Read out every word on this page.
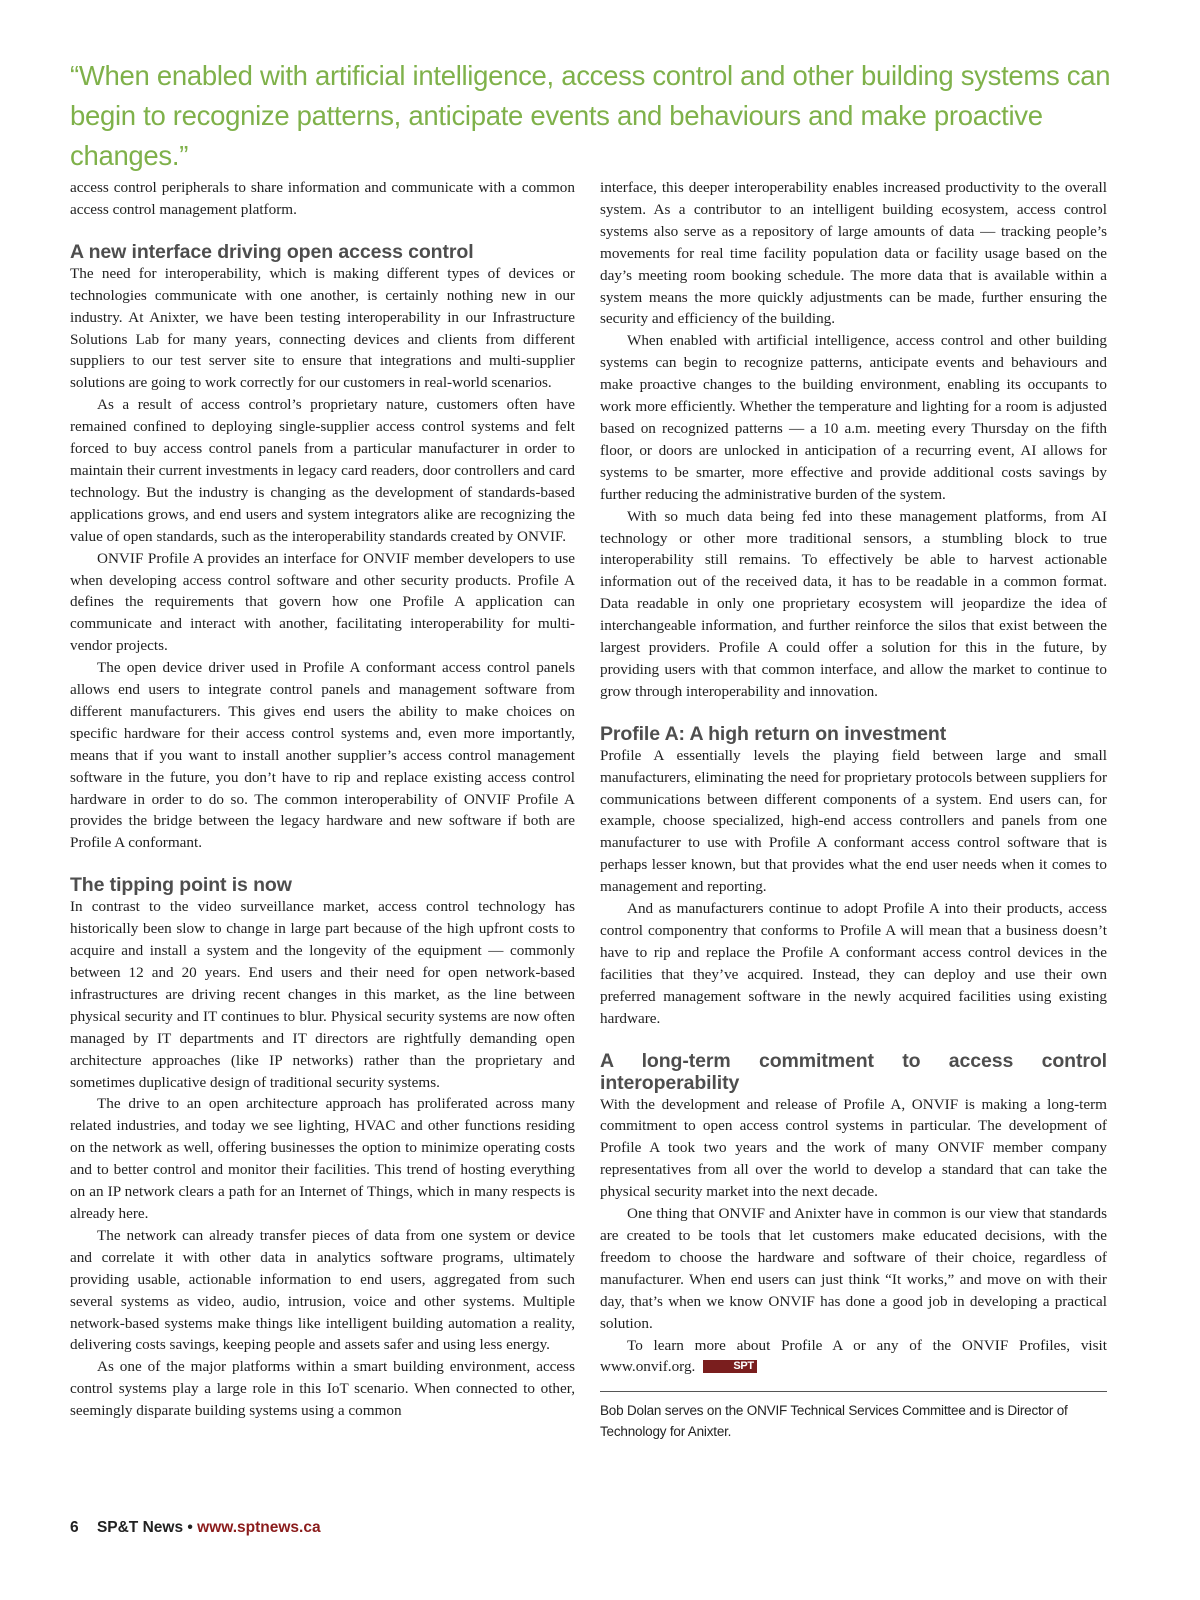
“When enabled with artificial intelligence, access control and other building systems can begin to recognize patterns, anticipate events and behaviours and make proactive changes.”

access control peripherals to share information and communicate with a common access control management platform.

A new interface driving open access control

The need for interoperability, which is making different types of devices or technologies communicate with one another, is certainly nothing new in our industry. At Anixter, we have been testing interoperability in our Infrastructure Solutions Lab for many years, connecting devices and clients from different suppliers to our test server site to ensure that integrations and multi-supplier solutions are going to work correctly for our customers in real-world scenarios.

As a result of access control’s proprietary nature, customers often have remained confined to deploying single-supplier access control systems and felt forced to buy access control panels from a particular manufacturer in order to maintain their current investments in legacy card readers, door controllers and card technology. But the industry is changing as the development of standards-based applications grows, and end users and system integrators alike are recognizing the value of open standards, such as the interoperability standards created by ONVIF.

ONVIF Profile A provides an interface for ONVIF member developers to use when developing access control software and other security products. Profile A defines the requirements that govern how one Profile A application can communicate and interact with another, facilitating interoperability for multi-vendor projects.

The open device driver used in Profile A conformant access control panels allows end users to integrate control panels and management software from different manufacturers. This gives end users the ability to make choices on specific hardware for their access control systems and, even more importantly, means that if you want to install another supplier’s access control management software in the future, you don’t have to rip and replace existing access control hardware in order to do so. The common interoperability of ONVIF Profile A provides the bridge between the legacy hardware and new software if both are Profile A conformant.

The tipping point is now

In contrast to the video surveillance market, access control technology has historically been slow to change in large part because of the high upfront costs to acquire and install a system and the longevity of the equipment — commonly between 12 and 20 years. End users and their need for open network-based infrastructures are driving recent changes in this market, as the line between physical security and IT continues to blur. Physical security systems are now often managed by IT departments and IT directors are rightfully demanding open architecture approaches (like IP networks) rather than the proprietary and sometimes duplicative design of traditional security systems.

The drive to an open architecture approach has proliferated across many related industries, and today we see lighting, HVAC and other functions residing on the network as well, offering businesses the option to minimize operating costs and to better control and monitor their facilities. This trend of hosting everything on an IP network clears a path for an Internet of Things, which in many respects is already here.

The network can already transfer pieces of data from one system or device and correlate it with other data in analytics software programs, ultimately providing usable, actionable information to end users, aggregated from such several systems as video, audio, intrusion, voice and other systems. Multiple network-based systems make things like intelligent building automation a reality, delivering costs savings, keeping people and assets safer and using less energy.

As one of the major platforms within a smart building environment, access control systems play a large role in this IoT scenario. When connected to other, seemingly disparate building systems using a common

interface, this deeper interoperability enables increased productivity to the overall system. As a contributor to an intelligent building ecosystem, access control systems also serve as a repository of large amounts of data — tracking people’s movements for real time facility population data or facility usage based on the day’s meeting room booking schedule. The more data that is available within a system means the more quickly adjustments can be made, further ensuring the security and efficiency of the building.

When enabled with artificial intelligence, access control and other building systems can begin to recognize patterns, anticipate events and behaviours and make proactive changes to the building environment, enabling its occupants to work more efficiently. Whether the temperature and lighting for a room is adjusted based on recognized patterns — a 10 a.m. meeting every Thursday on the fifth floor, or doors are unlocked in anticipation of a recurring event, AI allows for systems to be smarter, more effective and provide additional costs savings by further reducing the administrative burden of the system.

With so much data being fed into these management platforms, from AI technology or other more traditional sensors, a stumbling block to true interoperability still remains. To effectively be able to harvest actionable information out of the received data, it has to be readable in a common format. Data readable in only one proprietary ecosystem will jeopardize the idea of interchangeable information, and further reinforce the silos that exist between the largest providers. Profile A could offer a solution for this in the future, by providing users with that common interface, and allow the market to continue to grow through interoperability and innovation.

Profile A: A high return on investment

Profile A essentially levels the playing field between large and small manufacturers, eliminating the need for proprietary protocols between suppliers for communications between different components of a system. End users can, for example, choose specialized, high-end access controllers and panels from one manufacturer to use with Profile A conformant access control software that is perhaps lesser known, but that provides what the end user needs when it comes to management and reporting.

And as manufacturers continue to adopt Profile A into their products, access control componentry that conforms to Profile A will mean that a business doesn’t have to rip and replace the Profile A conformant access control devices in the facilities that they’ve acquired. Instead, they can deploy and use their own preferred management software in the newly acquired facilities using existing hardware.

A long-term commitment to access control interoperability

With the development and release of Profile A, ONVIF is making a long-term commitment to open access control systems in particular. The development of Profile A took two years and the work of many ONVIF member company representatives from all over the world to develop a standard that can take the physical security market into the next decade.

One thing that ONVIF and Anixter have in common is our view that standards are created to be tools that let customers make educated decisions, with the freedom to choose the hardware and software of their choice, regardless of manufacturer. When end users can just think “It works,” and move on with their day, that’s when we know ONVIF has done a good job in developing a practical solution.

To learn more about Profile A or any of the ONVIF Profiles, visit www.onvif.org.	SPT

Bob Dolan serves on the ONVIF Technical Services Committee and is Director of Technology for Anixter.
6 SP&T News • www.sptnews.ca
